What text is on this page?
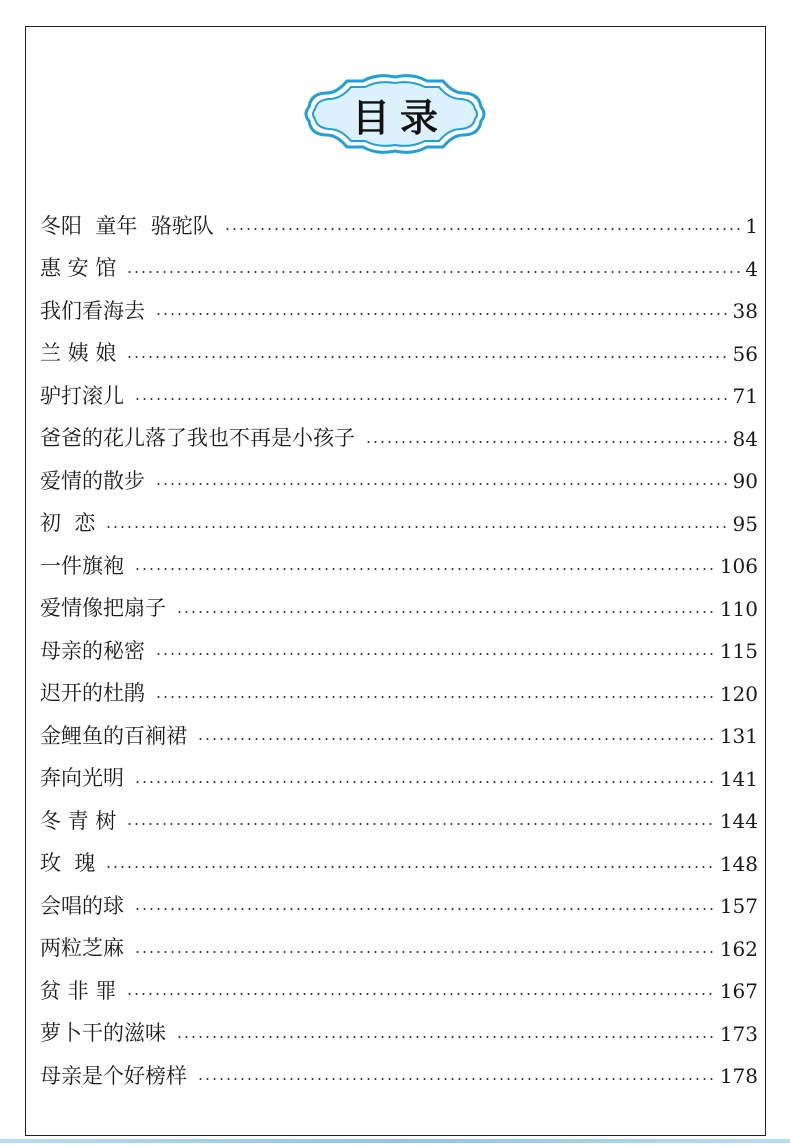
目录
冬阳  童年  骆驼队	1
惠 安 馆	4
我们看海去	38
兰 姨 娘	56
驴打滚儿	71
爸爸的花儿落了我也不再是小孩子	84
爱情的散步	90
初  恋	95
一件旗袍	106
爱情像把扇子	110
母亲的秘密	115
迟开的杜鹃	120
金鲤鱼的百裥裙	131
奔向光明	141
冬 青 树	144
玫  瑰	148
会唱的球	157
两粒芝麻	162
贫 非 罪	167
萝卜干的滋味	173
母亲是个好榜样	178
